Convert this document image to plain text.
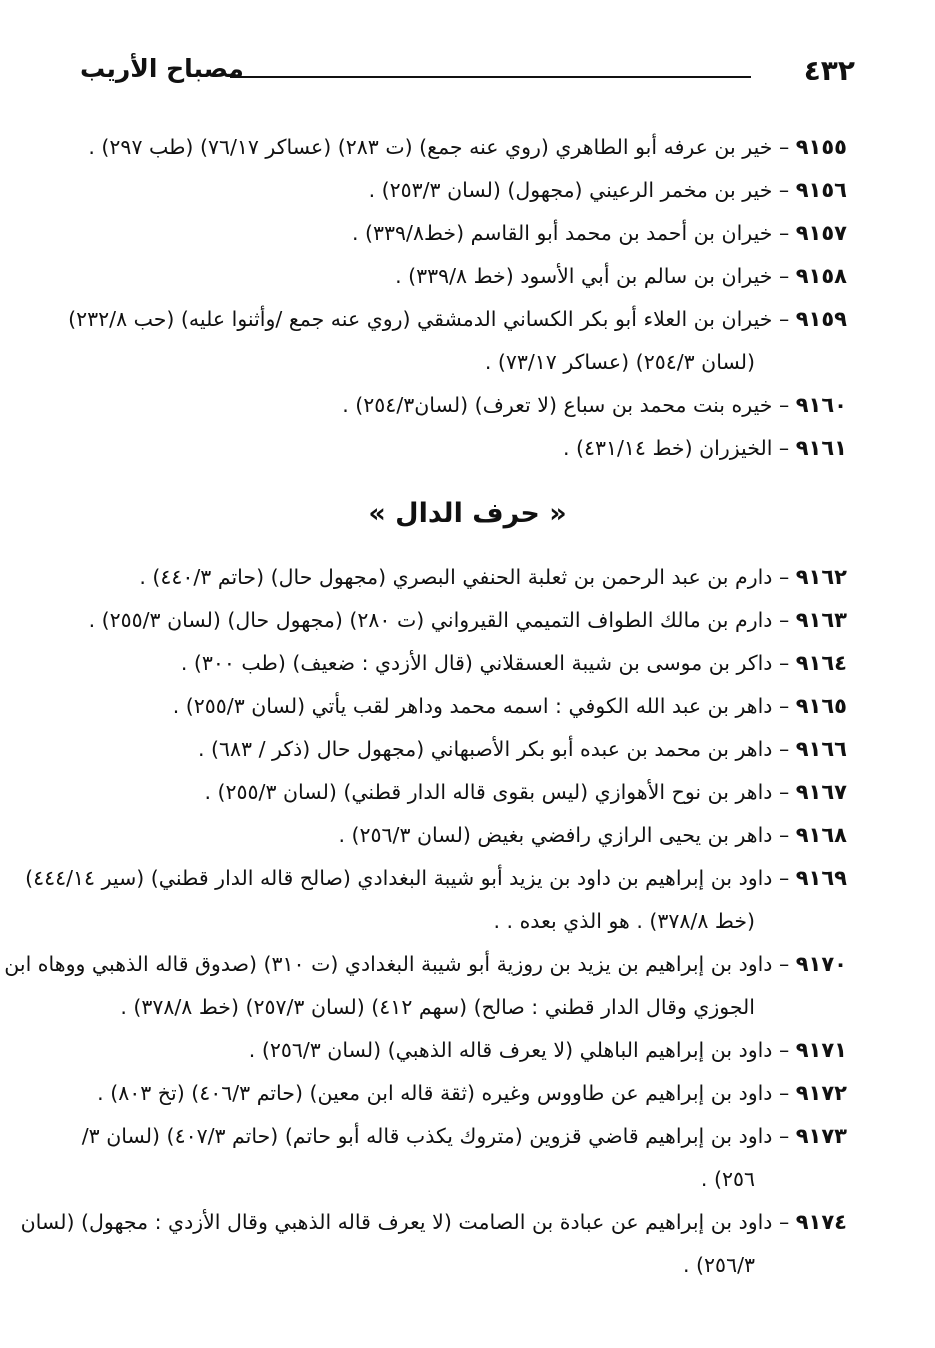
٤٣٢
مصباح الأريب
٩١٥٥ – خير بن عرفه أبو الطاهري (روي عنه جمع) (ت ٢٨٣) (عساكر ٧٦/١٧) (طب ٢٩٧) .
٩١٥٦ – خير بن مخمر الرعيني (مجهول) (لسان ٢٥٣/٣) .
٩١٥٧ – خيران بن أحمد بن محمد أبو القاسم (خط٣٣٩/٨) .
٩١٥٨ – خيران بن سالم بن أبي الأسود (خط ٣٣٩/٨) .
٩١٥٩ – خيران بن العلاء أبو بكر الكساني الدمشقي (روي عنه جمع /وأثنوا عليه) (حب ٢٣٢/٨)
(لسان ٢٥٤/٣) (عساكر ٧٣/١٧) .
٩١٦٠ – خيره بنت محمد بن سباع (لا تعرف) (لسان٢٥٤/٣) .
٩١٦١ – الخيزران (خط ٤٣١/١٤) .
« حرف الدال »
٩١٦٢ – دارم بن عبد الرحمن بن ثعلبة الحنفي البصري (مجهول حال) (حاتم ٤٤٠/٣) .
٩١٦٣ – دارم بن مالك الطواف التميمي القيرواني (ت ٢٨٠) (مجهول حال) (لسان ٢٥٥/٣) .
٩١٦٤ – داكر بن موسى بن شيبة العسقلاني (قال الأزدي : ضعيف) (طب ٣٠٠) .
٩١٦٥ – داهر بن عبد الله الكوفي : اسمه محمد وداهر لقب يأتي (لسان ٢٥٥/٣) .
٩١٦٦ – داهر بن محمد بن عبده أبو بكر الأصبهاني (مجهول حال (ذكر / ٦٨٣) .
٩١٦٧ – داهر بن نوح الأهوازي (ليس بقوى قاله الدار قطني) (لسان ٢٥٥/٣) .
٩١٦٨ – داهر بن يحيى الرازي رافضي بغيض (لسان ٢٥٦/٣) .
٩١٦٩ – داود بن إبراهيم بن داود بن يزيد أبو شيبة البغدادي (صالح قاله الدار قطني) (سير ٤٤٤/١٤)
(خط ٣٧٨/٨) . هو الذي بعده . .
٩١٧٠ – داود بن إبراهيم بن يزيد بن روزية أبو شيبة البغدادي (ت ٣١٠) (صدوق قاله الذهبي ووهاه ابن
الجوزي وقال الدار قطني : صالح) (سهم ٤١٢) (لسان ٢٥٧/٣) (خط ٣٧٨/٨) .
٩١٧١ – داود بن إبراهيم الباهلي (لا يعرف قاله الذهبي) (لسان ٢٥٦/٣) .
٩١٧٢ – داود بن إبراهيم عن طاووس وغيره (ثقة قاله ابن معين) (حاتم ٤٠٦/٣) (تخ ٨٠٣) .
٩١٧٣ – داود بن إبراهيم قاضي قزوين (متروك يكذب قاله أبو حاتم) (حاتم ٤٠٧/٣) (لسان ٣/
٢٥٦) .
٩١٧٤ – داود بن إبراهيم عن عبادة بن الصامت (لا يعرف قاله الذهبي وقال الأزدي : مجهول) (لسان
٢٥٦/٣) .
